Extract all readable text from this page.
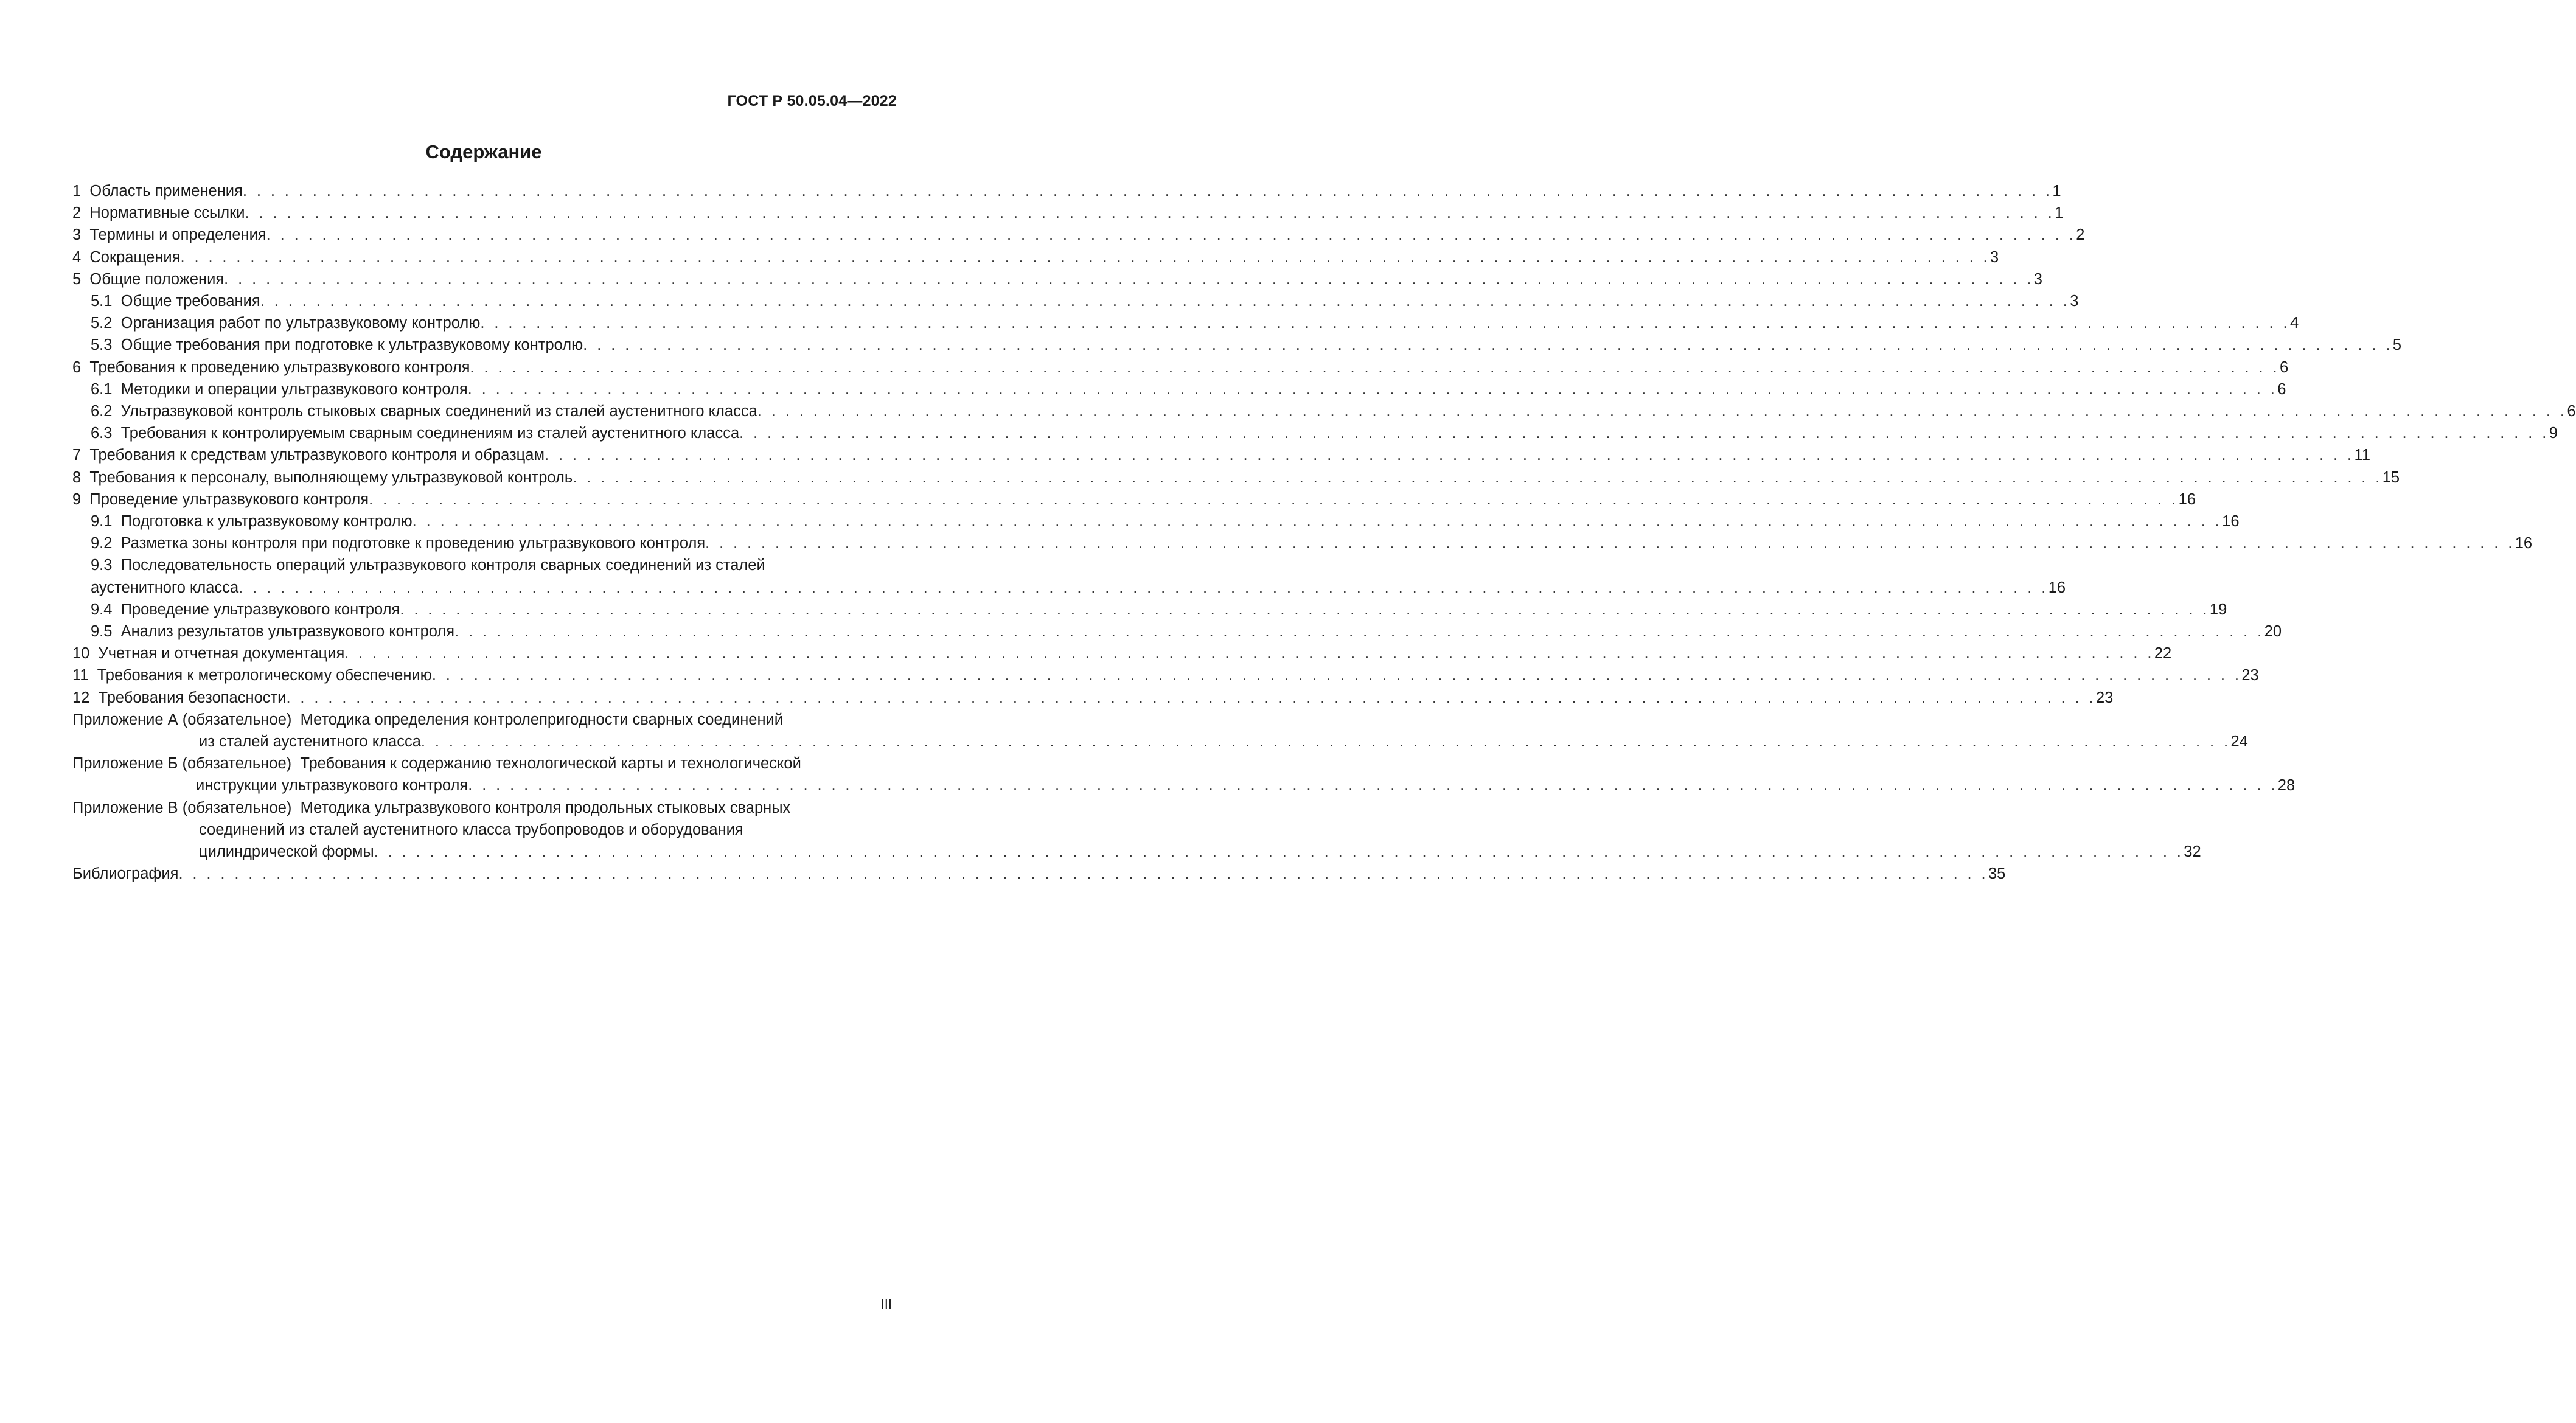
ГОСТ Р 50.05.04—2022
Содержание
1 Область применения . . . . . . . . . . . . . . . . . . . . . . . . . . . . . . . . . . . . . . . . . . . . . . . . . . . . . . . . . . . . . . . . . . . . . . . . . . . . . . . . . . . . . . . . . . . . . . . . . . . . . . . . . . . . . . . . . . . . . . . . . . . . . . . . . . 1
2 Нормативные ссылки . . . . . . . . . . . . . . . . . . . . . . . . . . . . . . . . . . . . . . . . . . . . . . . . . . . . . . . . . . . . . . . . . . . . . . . . . . . . . . . . . . . . . . . . . . . . . . . . . . . . . . . . . . . . . . . . . . . . . . . . . . . . . . . . . . 1
3 Термины и определения . . . . . . . . . . . . . . . . . . . . . . . . . . . . . . . . . . . . . . . . . . . . . . . . . . . . . . . . . . . . . . . . . . . . . . . . . . . . . . . . . . . . . . . . . . . . . . . . . . . . . . . . . . . . . . . . . . . . . . . . . . . . . . . . . . 2
4 Сокращения . . . . . . . . . . . . . . . . . . . . . . . . . . . . . . . . . . . . . . . . . . . . . . . . . . . . . . . . . . . . . . . . . . . . . . . . . . . . . . . . . . . . . . . . . . . . . . . . . . . . . . . . . . . . . . . . . . . . . . . . . . . . . . . . . . 3
5 Общие положения . . . . . . . . . . . . . . . . . . . . . . . . . . . . . . . . . . . . . . . . . . . . . . . . . . . . . . . . . . . . . . . . . . . . . . . . . . . . . . . . . . . . . . . . . . . . . . . . . . . . . . . . . . . . . . . . . . . . . . . . . . . . . . . . . . 3
5.1 Общие требования . . . . . . . . . . . . . . . . . . . . . . . . . . . . . . . . . . . . . . . . . . . . . . . . . . . . . . . . . . . . . . . . . . . . . . . . . . . . . . . . . . . . . . . . . . . . . . . . . . . . . . . . . . . . . . . . . . . . . . . . . . . . . . . . . . 3
5.2 Организация работ по ультразвуковому контролю . . . . . . . . . . . . . . . . . . . . . . . . . . . . . . . . . . . . . . . . . . . . . . . . . . . . . . . . . . . . . . . . . . . . . . . . . . . . . . . . . . . . . . . . . . . . . . . . . . . . . . . . . . . . . . . . . . . . . . . . . . . . . . . . . . 4
5.3 Общие требования при подготовке к ультразвуковому контролю . . . . . . . . . . . . . . . . . . . . . . . . . . . . . . . . . . . . . . . . . . . . . . . . . . . . . . . . . . . . . . . . . . . . . . . . . . . . . . . . . . . . . . . . . . . . . . . . . . . . . . . . . . . . . . . . . . . . . . . . . . . . . . . . . . 5
6 Требования к проведению ультразвукового контроля . . . . . . . . . . . . . . . . . . . . . . . . . . . . . . . . . . . . . . . . . . . . . . . . . . . . . . . . . . . . . . . . . . . . . . . . . . . . . . . . . . . . . . . . . . . . . . . . . . . . . . . . . . . . . . . . . . . . . . . . . . . . . . . . . . 6
6.1 Методики и операции ультразвукового контроля . . . . . . . . . . . . . . . . . . . . . . . . . . . . . . . . . . . . . . . . . . . . . . . . . . . . . . . . . . . . . . . . . . . . . . . . . . . . . . . . . . . . . . . . . . . . . . . . . . . . . . . . . . . . . . . . . . . . . . . . . . . . . . . . . . 6
6.2 Ультразвуковой контроль стыковых сварных соединений из сталей аустенитного класса . . . . . . . . . . . . . . . . . . . . . . . . . . . . . . . . . . . . . . . . . . . . . . . . . . . . . . . . . . . . . . . . . . . . . . . . . . . . . . . . . . . . . . . . . . . . . . . . . . . . . . . . . . . . . . . . . . . . . . . . . . . . . . . . . . 6
6.3 Требования к контролируемым сварным соединениям из сталей аустенитного класса . . . . . . . . . . . . . . . . . . . . . . . . . . . . . . . . . . . . . . . . . . . . . . . . . . . . . . . . . . . . . . . . . . . . . . . . . . . . . . . . . . . . . . . . . . . . . . . . . . . . . . . . . . . . . . . . . . . . . . . . . . . . . . . . . . 9
7 Требования к средствам ультразвукового контроля и образцам . . . . . . . . . . . . . . . . . . . . . . . . . . . . . . . . . . . . . . . . . . . . . . . . . . . . . . . . . . . . . . . . . . . . . . . . . . . . . . . . . . . . . . . . . . . . . . . . . . . . . . . . . . . . . . . . . . . . . . . . . . . . . . . . . . 11
8 Требования к персоналу, выполняющему ультразвуковой контроль . . . . . . . . . . . . . . . . . . . . . . . . . . . . . . . . . . . . . . . . . . . . . . . . . . . . . . . . . . . . . . . . . . . . . . . . . . . . . . . . . . . . . . . . . . . . . . . . . . . . . . . . . . . . . . . . . . . . . . . . . . . . . . . . . . 15
9 Проведение ультразвукового контроля . . . . . . . . . . . . . . . . . . . . . . . . . . . . . . . . . . . . . . . . . . . . . . . . . . . . . . . . . . . . . . . . . . . . . . . . . . . . . . . . . . . . . . . . . . . . . . . . . . . . . . . . . . . . . . . . . . . . . . . . . . . . . . . . . . 16
9.1 Подготовка к ультразвуковому контролю . . . . . . . . . . . . . . . . . . . . . . . . . . . . . . . . . . . . . . . . . . . . . . . . . . . . . . . . . . . . . . . . . . . . . . . . . . . . . . . . . . . . . . . . . . . . . . . . . . . . . . . . . . . . . . . . . . . . . . . . . . . . . . . . . . 16
9.2 Разметка зоны контроля при подготовке к проведению ультразвукового контроля . . . . . . . . . . . . . . . . . . . . . . . . . . . . . . . . . . . . . . . . . . . . . . . . . . . . . . . . . . . . . . . . . . . . . . . . . . . . . . . . . . . . . . . . . . . . . . . . . . . . . . . . . . . . . . . . . . . . . . . . . . . . . . . . . . 16
9.3 Последовательность операций ультразвукового контроля сварных соединений из сталей
аустенитного класса . . . . . . . . . . . . . . . . . . . . . . . . . . . . . . . . . . . . . . . . . . . . . . . . . . . . . . . . . . . . . . . . . . . . . . . . . . . . . . . . . . . . . . . . . . . . . . . . . . . . . . . . . . . . . . . . . . . . . . . . . . . . . . . . . . 16
9.4 Проведение ультразвукового контроля . . . . . . . . . . . . . . . . . . . . . . . . . . . . . . . . . . . . . . . . . . . . . . . . . . . . . . . . . . . . . . . . . . . . . . . . . . . . . . . . . . . . . . . . . . . . . . . . . . . . . . . . . . . . . . . . . . . . . . . . . . . . . . . . . . 19
9.5 Анализ результатов ультразвукового контроля . . . . . . . . . . . . . . . . . . . . . . . . . . . . . . . . . . . . . . . . . . . . . . . . . . . . . . . . . . . . . . . . . . . . . . . . . . . . . . . . . . . . . . . . . . . . . . . . . . . . . . . . . . . . . . . . . . . . . . . . . . . . . . . . . . 20
10 Учетная и отчетная документация . . . . . . . . . . . . . . . . . . . . . . . . . . . . . . . . . . . . . . . . . . . . . . . . . . . . . . . . . . . . . . . . . . . . . . . . . . . . . . . . . . . . . . . . . . . . . . . . . . . . . . . . . . . . . . . . . . . . . . . . . . . . . . . . . . 22
11 Требования к метрологическому обеспечению . . . . . . . . . . . . . . . . . . . . . . . . . . . . . . . . . . . . . . . . . . . . . . . . . . . . . . . . . . . . . . . . . . . . . . . . . . . . . . . . . . . . . . . . . . . . . . . . . . . . . . . . . . . . . . . . . . . . . . . . . . . . . . . . . . 23
12 Требования безопасности . . . . . . . . . . . . . . . . . . . . . . . . . . . . . . . . . . . . . . . . . . . . . . . . . . . . . . . . . . . . . . . . . . . . . . . . . . . . . . . . . . . . . . . . . . . . . . . . . . . . . . . . . . . . . . . . . . . . . . . . . . . . . . . . . . 23
Приложение А (обязательное) Методика определения контролепригодности сварных соединений
из сталей аустенитного класса . . . . . . . . . . . . . . . . . . . . . . . . . . . . . . . . . . . . . . . . . . . . . . . . . . . . . . . . . . . . . . . . . . . . . . . . . . . . . . . . . . . . . . . . . . . . . . . . . . . . . . . . . . . . . . . . . . . . . . . . . . . . . . . . . . 24
Приложение Б (обязательное) Требования к содержанию технологической карты и технологической
инструкции ультразвукового контроля . . . . . . . . . . . . . . . . . . . . . . . . . . . . . . . . . . . . . . . . . . . . . . . . . . . . . . . . . . . . . . . . . . . . . . . . . . . . . . . . . . . . . . . . . . . . . . . . . . . . . . . . . . . . . . . . . . . . . . . . . . . . . . . . . . 28
Приложение В (обязательное) Методика ультразвукового контроля продольных стыковых сварных
соединений из сталей аустенитного класса трубопроводов и оборудования
цилиндрической формы . . . . . . . . . . . . . . . . . . . . . . . . . . . . . . . . . . . . . . . . . . . . . . . . . . . . . . . . . . . . . . . . . . . . . . . . . . . . . . . . . . . . . . . . . . . . . . . . . . . . . . . . . . . . . . . . . . . . . . . . . . . . . . . . . . 32
Библиография . . . . . . . . . . . . . . . . . . . . . . . . . . . . . . . . . . . . . . . . . . . . . . . . . . . . . . . . . . . . . . . . . . . . . . . . . . . . . . . . . . . . . . . . . . . . . . . . . . . . . . . . . . . . . . . . . . . . . . . . . . . . . . . . . . 35
III
